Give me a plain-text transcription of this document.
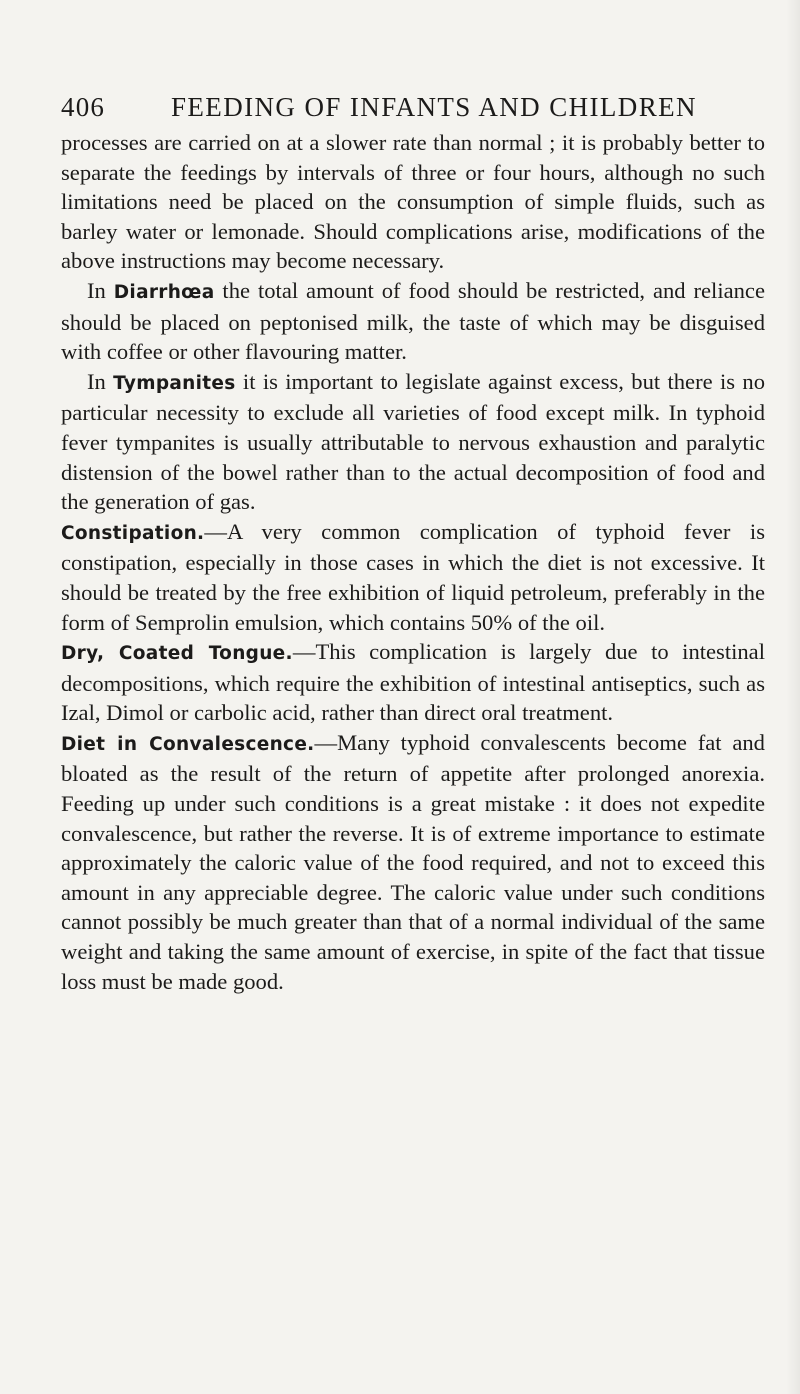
406	FEEDING OF INFANTS AND CHILDREN

processes are carried on at a slower rate than normal ; it is probably better to separate the feedings by intervals of three or four hours, although no such limitations need be placed on the consumption of simple fluids, such as barley water or lemonade. Should complications arise, modifications of the above instructions may become necessary.

In Diarrhœa the total amount of food should be restricted, and reliance should be placed on peptonised milk, the taste of which may be disguised with coffee or other flavouring matter.

In Tympanites it is important to legislate against excess, but there is no particular necessity to exclude all varieties of food except milk. In typhoid fever tympanites is usually attributable to nervous exhaustion and paralytic distension of the bowel rather than to the actual decomposition of food and the generation of gas.

Constipation.—A very common complication of typhoid fever is constipation, especially in those cases in which the diet is not excessive. It should be treated by the free exhibition of liquid petroleum, preferably in the form of Semprolin emulsion, which contains 50% of the oil.

Dry, Coated Tongue.—This complication is largely due to intestinal decompositions, which require the exhibition of intestinal antiseptics, such as Izal, Dimol or carbolic acid, rather than direct oral treatment.

Diet in Convalescence.—Many typhoid convalescents become fat and bloated as the result of the return of appetite after prolonged anorexia. Feeding up under such conditions is a great mistake : it does not expedite convalescence, but rather the reverse. It is of extreme importance to estimate approximately the caloric value of the food required, and not to exceed this amount in any appreciable degree. The caloric value under such conditions cannot possibly be much greater than that of a normal individual of the same weight and taking the same amount of exercise, in spite of the fact that tissue loss must be made good.
